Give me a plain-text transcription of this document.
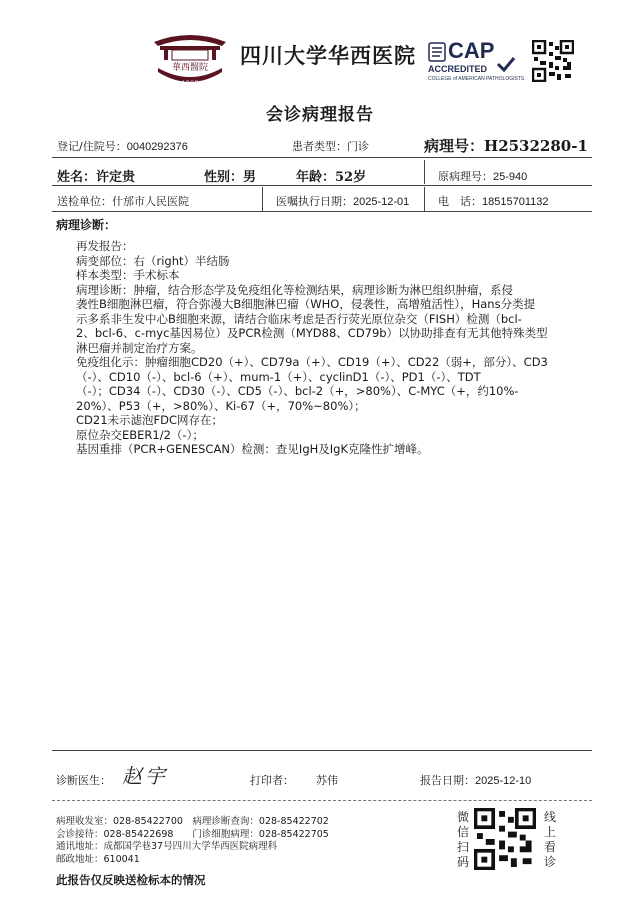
華西醫院
1892
四川大学华西医院 CAP
ACCREDITED
COLLEGE of AMERICAN PATHOLOGISTS
会诊病理报告
登记/住院号：0040292376	患者类型：门诊	病理号：H2532280-1
姓名：许定贵	性别：男	年龄：52岁	原病理号：25-940
送检单位：什邡市人民医院	医嘱执行日期：2025-12-01	电　话：18515701132
病理诊断：
再发报告：
病变部位：右（right）半结肠
样本类型：手术标本
病理诊断：肿瘤，结合形态学及免疫组化等检测结果，病理诊断为淋巴组织肿瘤，系侵
袭性B细胞淋巴瘤，符合弥漫大B细胞淋巴瘤（WHO，侵袭性，高增殖活性），Hans分类提
示多系非生发中心B细胞来源，请结合临床考虑是否行荧光原位杂交（FISH）检测（bcl-
2、bcl-6、c-myc基因易位）及PCR检测（MYD88、CD79b）以协助排查有无其他特殊类型
淋巴瘤并制定治疗方案。
免疫组化示：肿瘤细胞CD20（+）、CD79a（+）、CD19（+）、CD22（弱+，部分）、CD3
（-）、CD10（-）、bcl-6（+）、mum-1（+）、cyclinD1（-）、PD1（-）、TDT
（-）；CD34（-）、CD30（-）、CD5（-）、bcl-2（+，>80%）、C-MYC（+，约10%-
20%）、P53（+，>80%）、Ki-67（+，70%~80%）；
CD21未示滤泡FDC网存在；
原位杂交EBER1/2（-）；
基因重排（PCR+GENESCAN）检测：查见IgH及IgK克隆性扩增峰。
诊断医生： 赵宇	打印者： 苏伟	报告日期：2025-12-10
病理收发室：028-85422700　病理诊断查询：028-85422702
会诊接待：028-85422698　　门诊细胞病理：028-85422705
通讯地址：成都国学巷37号四川大学华西医院病理科
邮政地址：610041
微信扫码
线上看诊
此报告仅反映送检标本的情况
